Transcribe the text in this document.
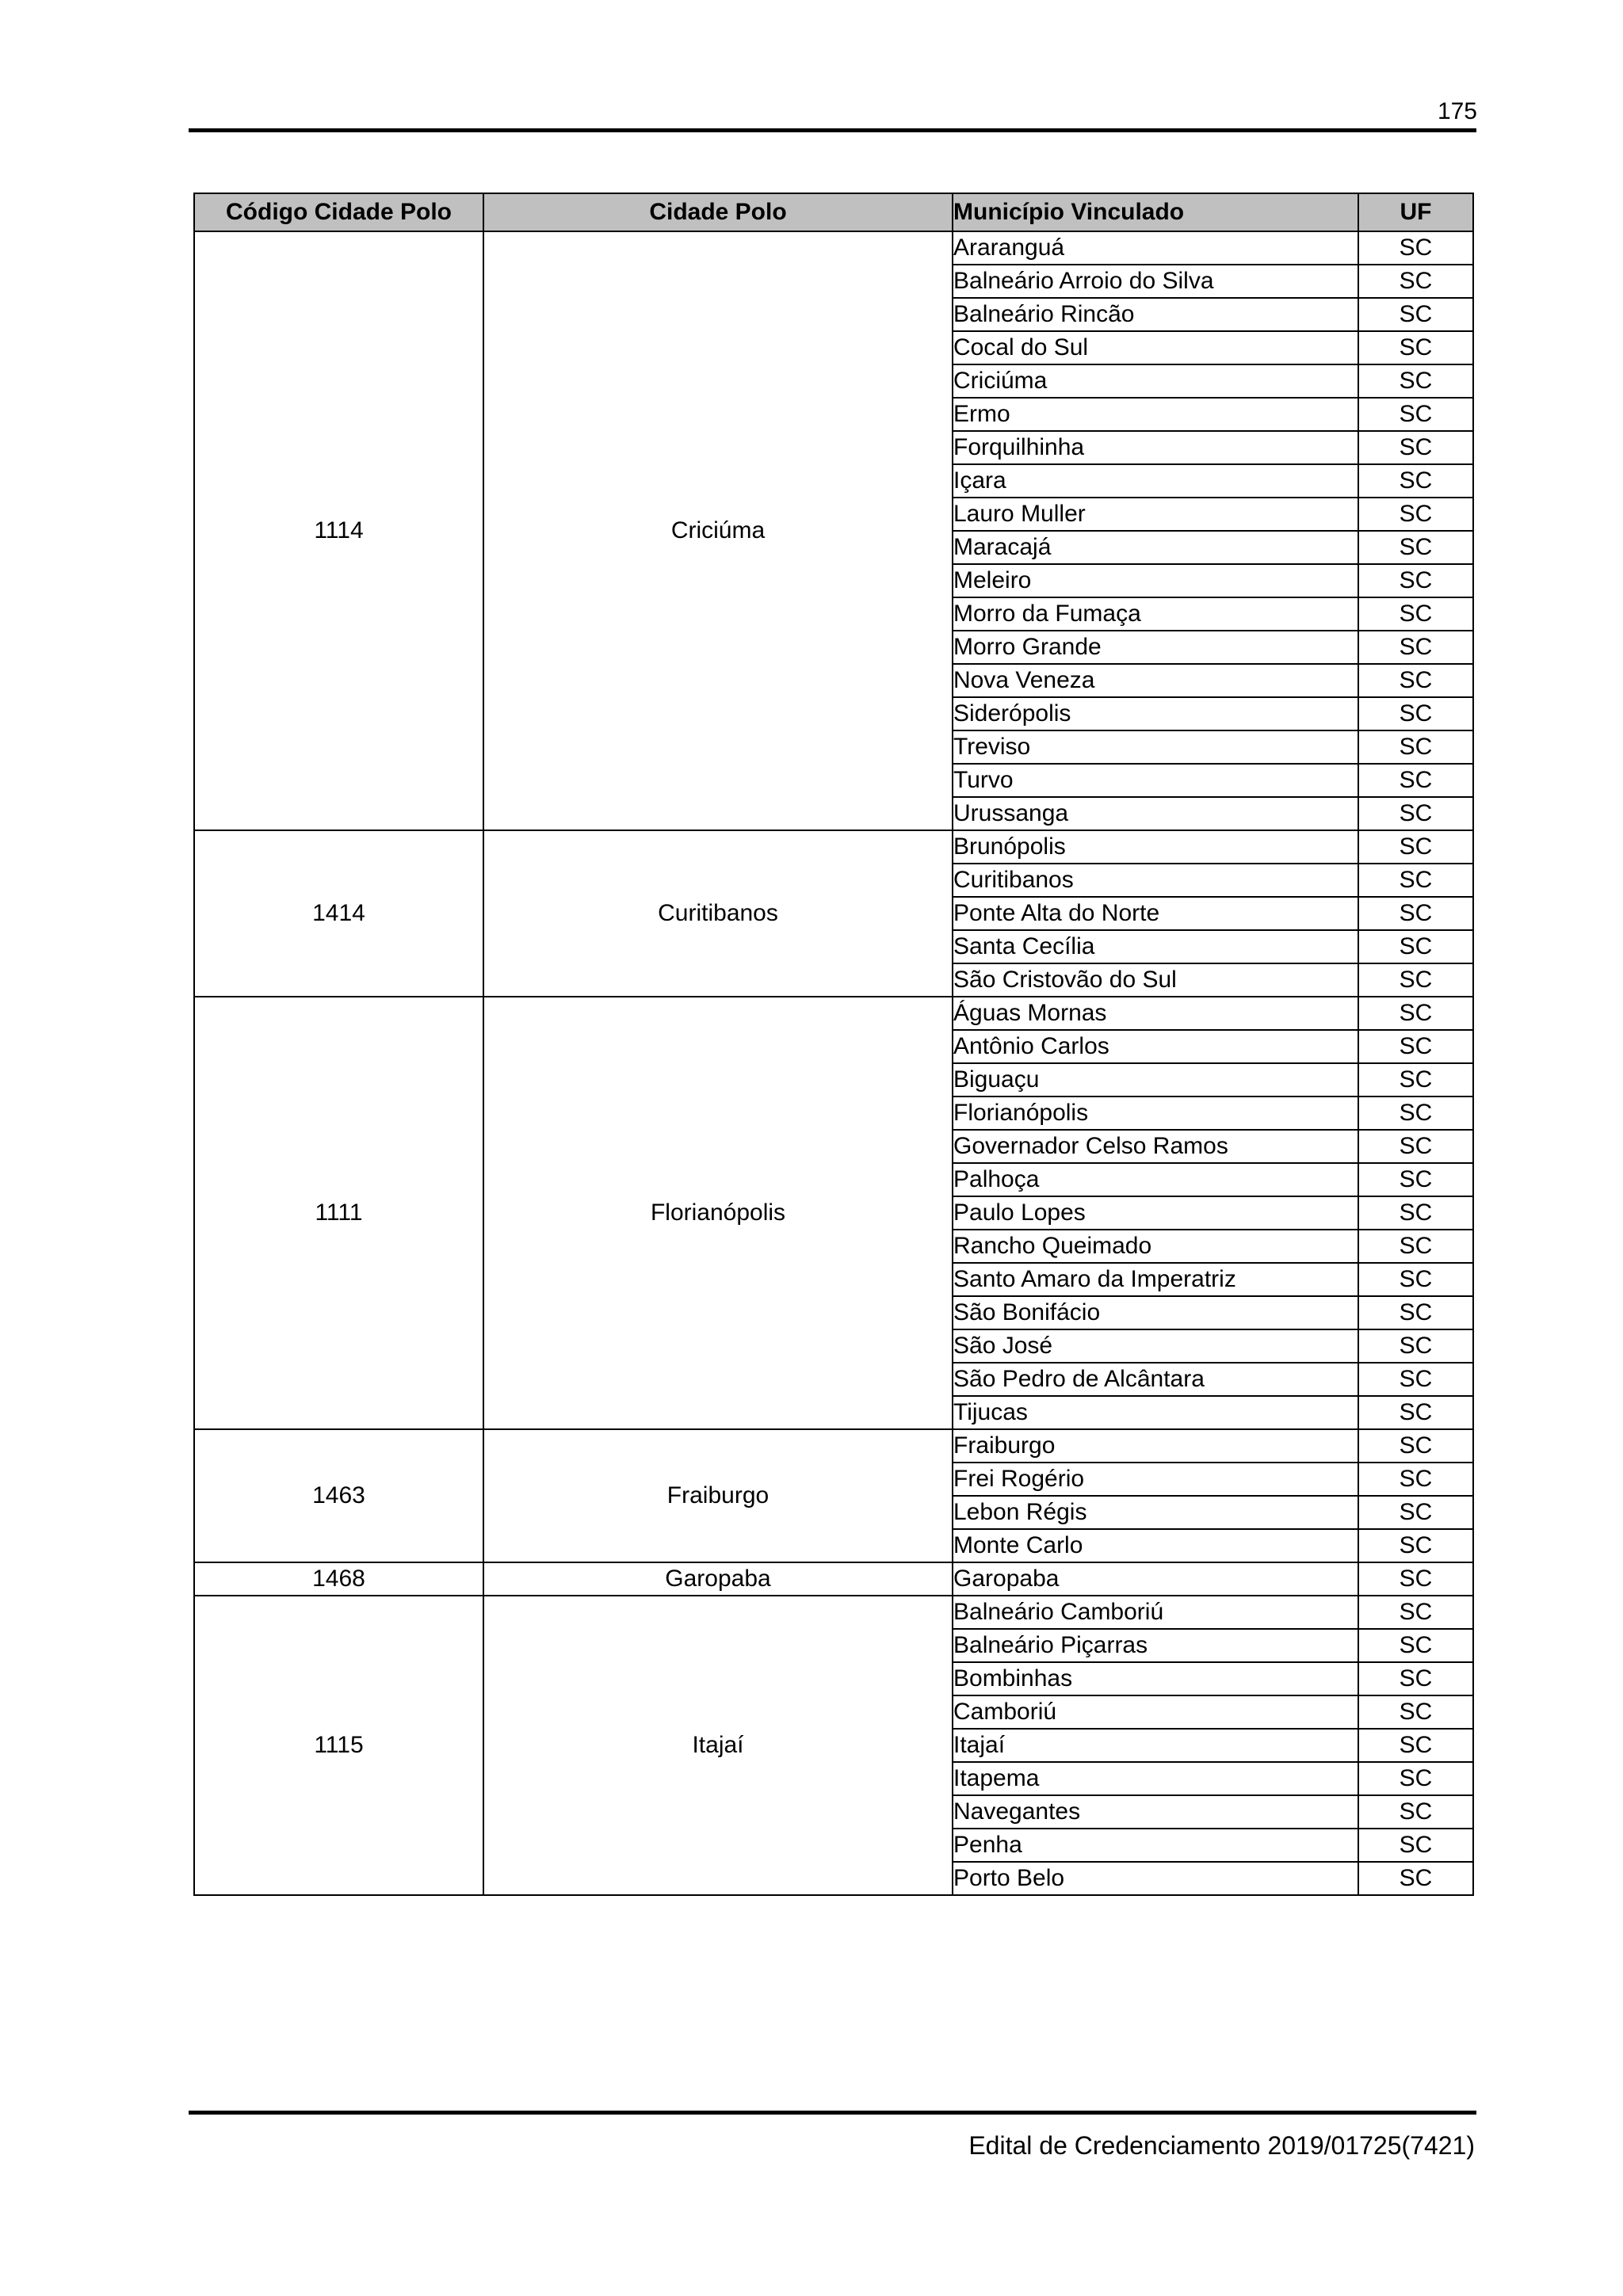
175
Código Cidade Polo	Cidade Polo	Município Vinculado	UF
1114	Criciúma	Araranguá	SC
		Balneário Arroio do Silva	SC
		Balneário Rincão	SC
		Cocal do Sul	SC
		Criciúma	SC
		Ermo	SC
		Forquilhinha	SC
		Içara	SC
		Lauro Muller	SC
		Maracajá	SC
		Meleiro	SC
		Morro da Fumaça	SC
		Morro Grande	SC
		Nova Veneza	SC
		Siderópolis	SC
		Treviso	SC
		Turvo	SC
		Urussanga	SC
1414	Curitibanos	Brunópolis	SC
		Curitibanos	SC
		Ponte Alta do Norte	SC
		Santa Cecília	SC
		São Cristovão do Sul	SC
1111	Florianópolis	Águas Mornas	SC
		Antônio Carlos	SC
		Biguaçu	SC
		Florianópolis	SC
		Governador Celso Ramos	SC
		Palhoça	SC
		Paulo Lopes	SC
		Rancho Queimado	SC
		Santo Amaro da Imperatriz	SC
		São Bonifácio	SC
		São José	SC
		São Pedro de Alcântara	SC
		Tijucas	SC
1463	Fraiburgo	Fraiburgo	SC
		Frei Rogério	SC
		Lebon Régis	SC
		Monte Carlo	SC
1468	Garopaba	Garopaba	SC
1115	Itajaí	Balneário Camboriú	SC
		Balneário Piçarras	SC
		Bombinhas	SC
		Camboriú	SC
		Itajaí	SC
		Itapema	SC
		Navegantes	SC
		Penha	SC
		Porto Belo	SC
Edital de Credenciamento 2019/01725(7421)
